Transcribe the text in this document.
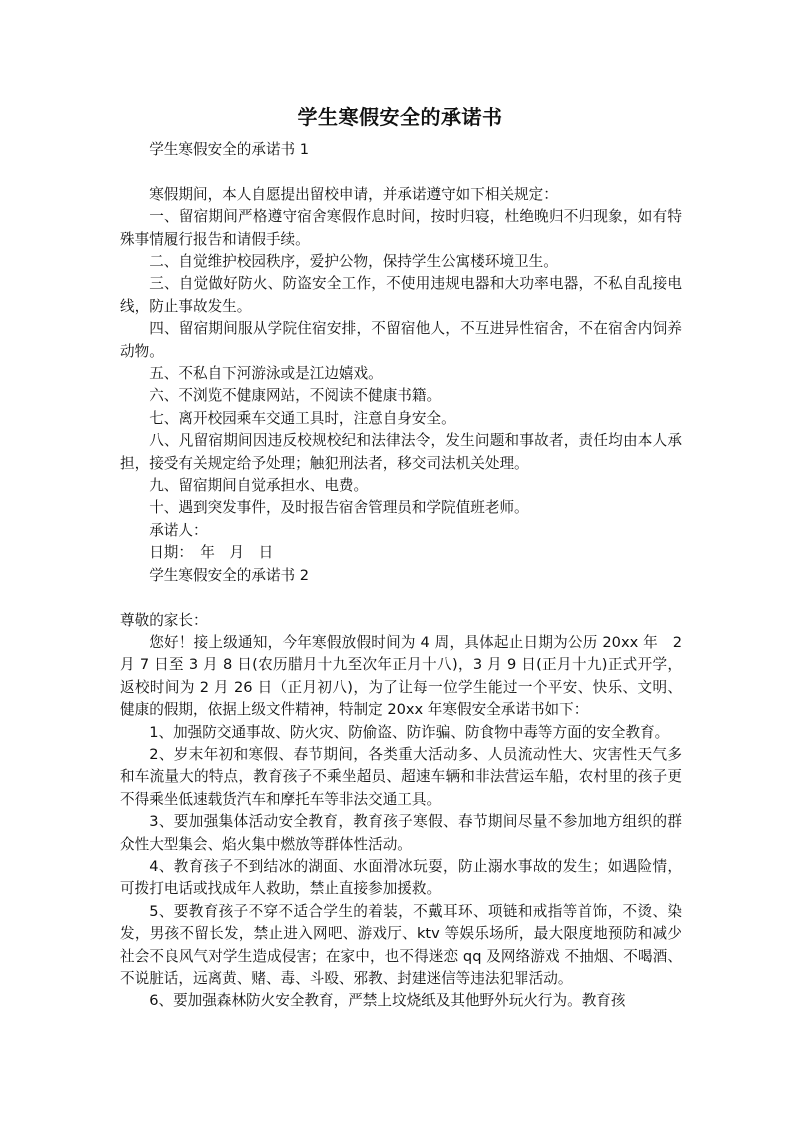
学生寒假安全的承诺书

学生寒假安全的承诺书 1

寒假期间，本人自愿提出留校申请，并承诺遵守如下相关规定：

一、留宿期间严格遵守宿舍寒假作息时间，按时归寝，杜绝晚归不归现象，如有特殊事情履行报告和请假手续。

二、自觉维护校园秩序，爱护公物，保持学生公寓楼环境卫生。

三、自觉做好防火、防盗安全工作，不使用违规电器和大功率电器，不私自乱接电线，防止事故发生。

四、留宿期间服从学院住宿安排，不留宿他人，不互进异性宿舍，不在宿舍内饲养动物。

五、不私自下河游泳或是江边嬉戏。

六、不浏览不健康网站，不阅读不健康书籍。

七、离开校园乘车交通工具时，注意自身安全。

八、凡留宿期间因违反校规校纪和法律法令，发生问题和事故者，责任均由本人承担，接受有关规定给予处理；触犯刑法者，移交司法机关处理。

九、留宿期间自觉承担水、电费。

十、遇到突发事件，及时报告宿舍管理员和学院值班老师。

承诺人：

日期：　年　月　日

学生寒假安全的承诺书 2

尊敬的家长：

您好！接上级通知，今年寒假放假时间为 4 周，具体起止日期为公历 20xx 年　2 月 7 日至 3 月 8 日(农历腊月十九至次年正月十八)，3 月 9 日(正月十九)正式开学，返校时间为 2 月 26 日（正月初八)，为了让每一位学生能过一个平安、快乐、文明、健康的假期，依据上级文件精神，特制定 20xx 年寒假安全承诺书如下：

1、加强防交通事故、防火灾、防偷盗、防诈骗、防食物中毒等方面的安全教育。

2、岁末年初和寒假、春节期间，各类重大活动多、人员流动性大、灾害性天气多和车流量大的特点，教育孩子不乘坐超员、超速车辆和非法营运车船，农村里的孩子更不得乘坐低速载货汽车和摩托车等非法交通工具。

3、要加强集体活动安全教育，教育孩子寒假、春节期间尽量不参加地方组织的群众性大型集会、焰火集中燃放等群体性活动。

4、教育孩子不到结冰的湖面、水面滑冰玩耍，防止溺水事故的发生；如遇险情，可拨打电话或找成年人救助，禁止直接参加援救。

5、要教育孩子不穿不适合学生的着装，不戴耳环、项链和戒指等首饰，不烫、染发，男孩不留长发，禁止进入网吧、游戏厅、ktv 等娱乐场所，最大限度地预防和减少社会不良风气对学生造成侵害；在家中，也不得迷恋 qq 及网络游戏 不抽烟、不喝酒、不说脏话，远离黄、赌、毒、斗殴、邪教、封建迷信等违法犯罪活动。

6、要加强森林防火安全教育，严禁上坟烧纸及其他野外玩火行为。教育孩
